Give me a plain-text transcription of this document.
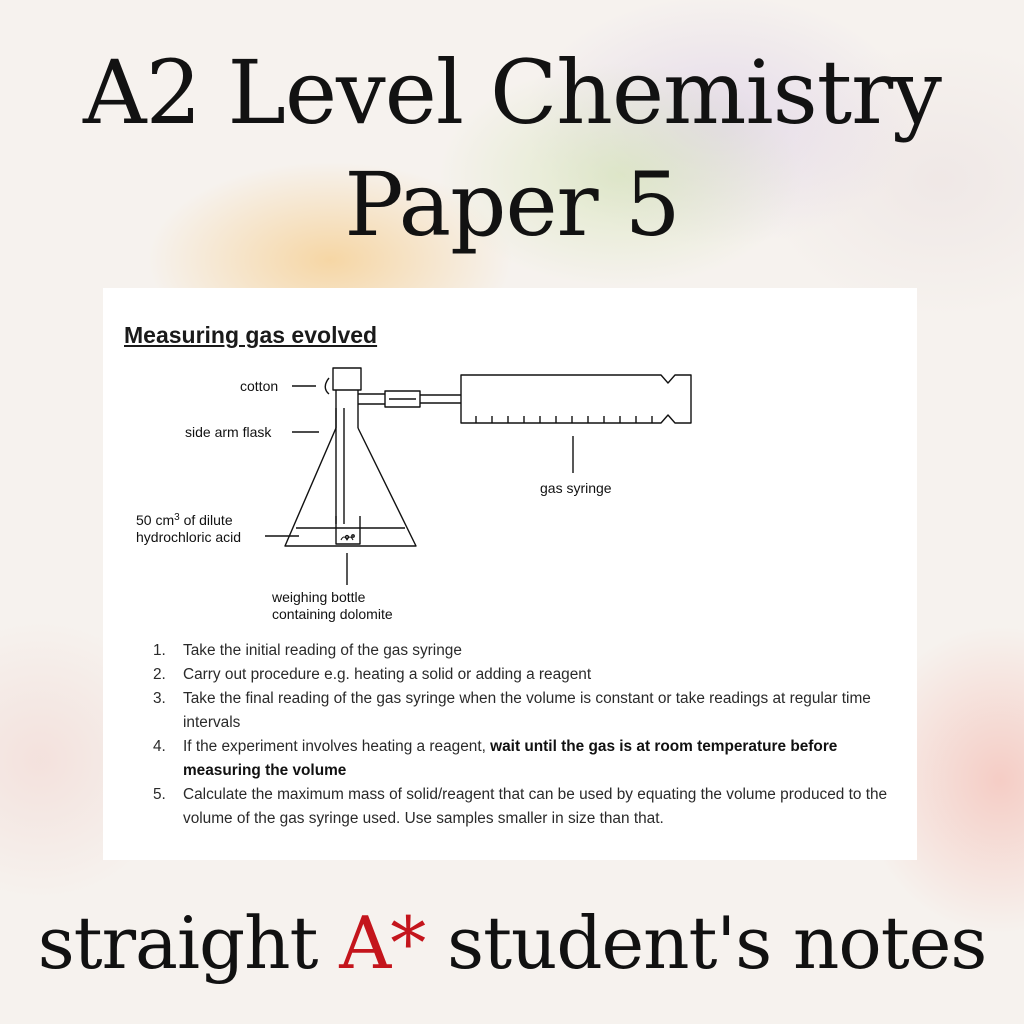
A2 Level Chemistry
Paper 5
Measuring gas evolved
cotton
side arm flask
50 $cm^3$ of dilute
hydrochloric acid
weighing bottle
containing dolomite
gas syringe
1. Take the initial reading of the gas syringe
2. Carry out procedure e.g. heating a solid or adding a reagent
3. Take the final reading of the gas syringe when the volume is constant or take readings at regular time intervals
4. If the experiment involves heating a reagent, wait until the gas is at room temperature before measuring the volume
5. Calculate the maximum mass of solid/reagent that can be used by equating the volume produced to the volume of the gas syringe used. Use samples smaller in size than that.
straight A* student's notes
